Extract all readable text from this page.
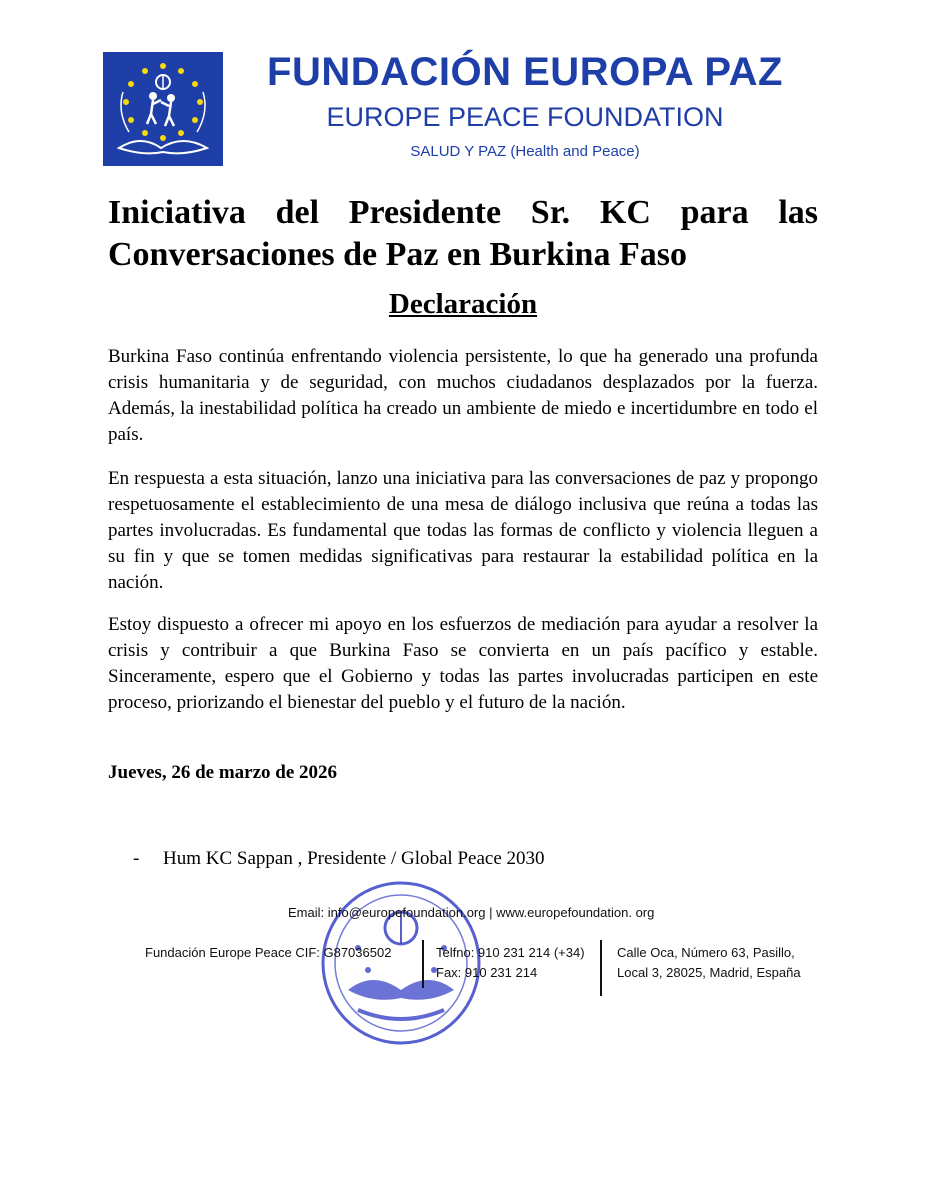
FUNDACIÓN EUROPA PAZ
EUROPE PEACE FOUNDATION
SALUD Y PAZ (Health and Peace)
Iniciativa del Presidente Sr. KC para las
Conversaciones de Paz en Burkina Faso
Declaración

Burkina Faso continúa enfrentando violencia persistente, lo que ha generado una profunda crisis humanitaria y de seguridad, con muchos ciudadanos desplazados por la fuerza. Además, la inestabilidad política ha creado un ambiente de miedo e incertidumbre en todo el país.

En respuesta a esta situación, lanzo una iniciativa para las conversaciones de paz y propongo respetuosamente el establecimiento de una mesa de diálogo inclusiva que reúna a todas las partes involucradas. Es fundamental que todas las formas de conflicto y violencia lleguen a su fin y que se tomen medidas significativas para restaurar la estabilidad política en la nación.

Estoy dispuesto a ofrecer mi apoyo en los esfuerzos de mediación para ayudar a resolver la crisis y contribuir a que Burkina Faso se convierta en un país pacífico y estable. Sinceramente, espero que el Gobierno y todas las partes involucradas participen en este proceso, priorizando el bienestar del pueblo y el futuro de la nación.

Jueves, 26 de marzo de 2026
- Hum KC Sappan , Presidente / Global Peace 2030
Email: info@europefoundation.org | www.europefoundation. org
Fundación Europe Peace CIF: G87036502	Telfno: 910 231 214 (+34)
Fax: 910 231 214
Calle Oca, Número 63, Pasillo,
Local 3, 28025, Madrid, España
